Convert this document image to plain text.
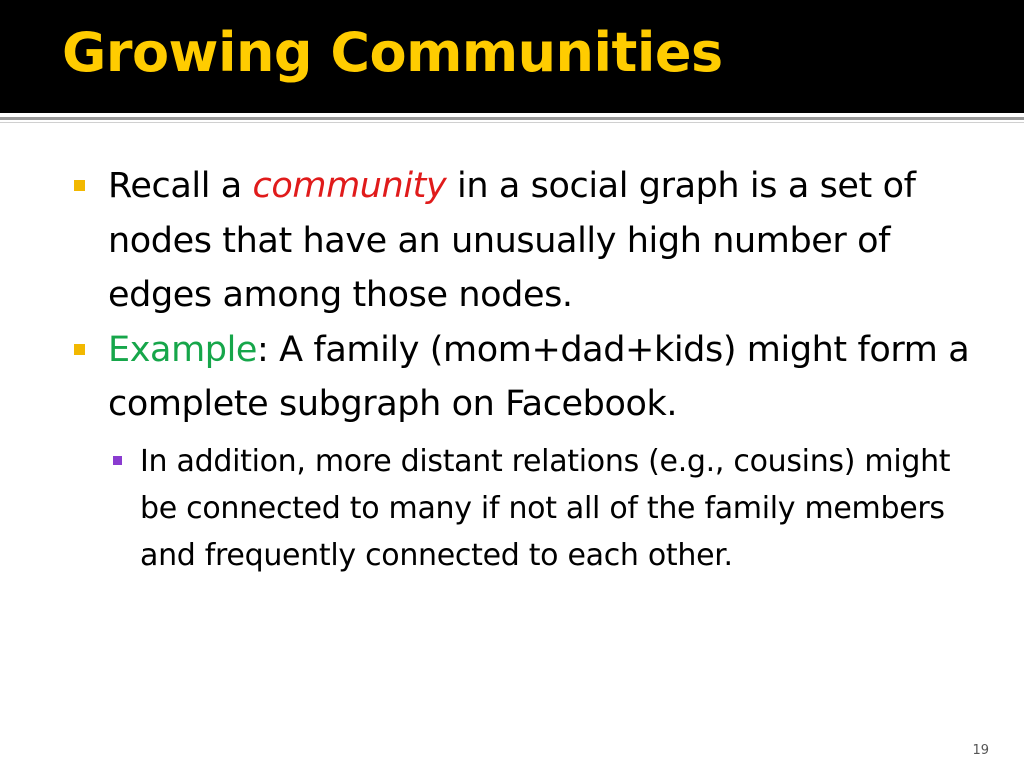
Growing Communities
Recall a community in a social graph is a set of nodes that have an unusually high number of edges among those nodes.
Example: A family (mom+dad+kids) might form a complete subgraph on Facebook.
In addition, more distant relations (e.g., cousins) might be connected to many if not all of the family members and frequently connected to each other.
19
